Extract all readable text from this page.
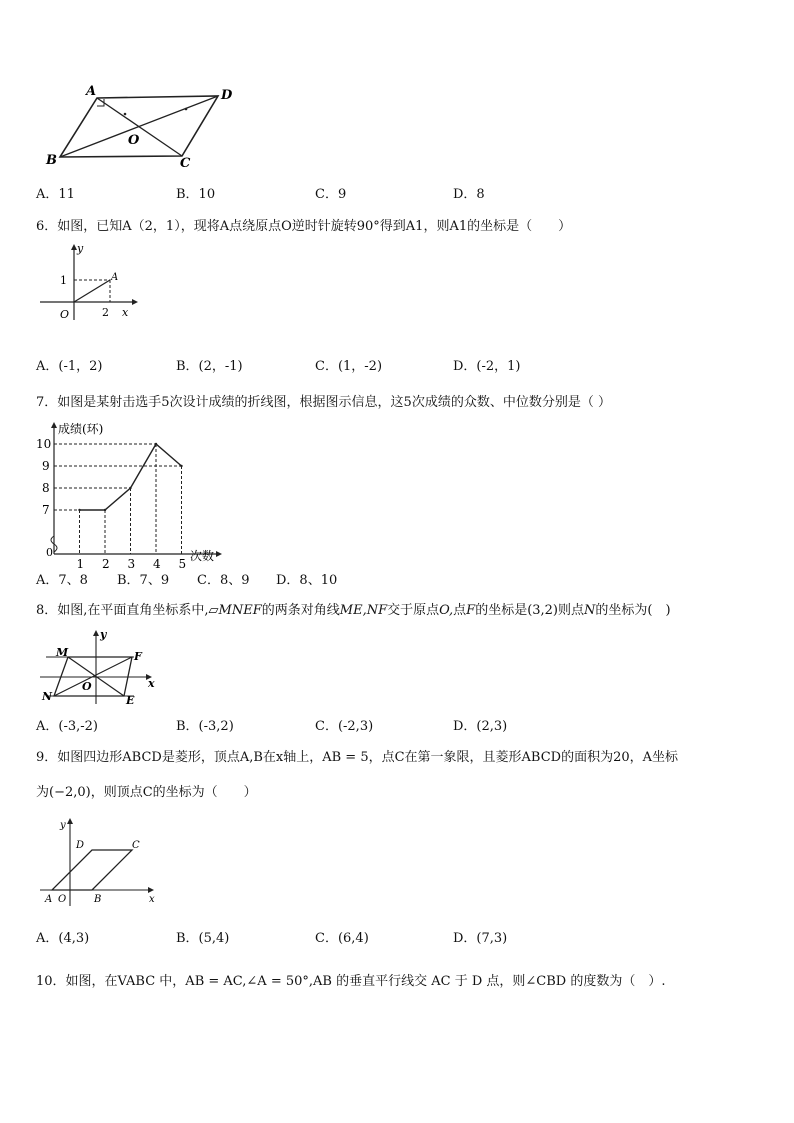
A	D
B	C
O
A．11	B．10	C．9	D．8
6．如图，已知A（2，1），现将A点绕原点O逆时针旋转90°得到A1，则A1的坐标是（　　）
y
x
O
A
1
2
A．(-1，2)	B．(2，-1)	C．(1，-2)	D．(-2，1)
7．如图是某射击选手5次设计成绩的折线图，根据图示信息，这5次成绩的众数、中位数分别是（ ）
成绩(环)
次数
0
10
9
8
7
1 2 3 4 5
A．7、8 B．7、9 C．8、9 D．8、10
8．如图,在平面直角坐标系中,▱MNEF的两条对角线ME,NF交于原点O,点F的坐标是(3,2)则点N的坐标为(　)
M	F
N	E
O	x
y
A．(-3,-2)	B．(-3,2)	C．(-2,3)	D．(2,3)
9．如图四边形ABCD是菱形，顶点A,B在x轴上，AB = 5，点C在第一象限，且菱形ABCD的面积为20，A坐标
为(−2,0)，则顶点C的坐标为（　　）
y
x
D	C
A O	B
A．(4,3)	B．(5,4)	C．(6,4)	D．(7,3)
10．如图，在VABC 中，AB = AC,∠A = 50°,AB 的垂直平行线交 AC 于 D 点，则∠CBD 的度数为（　）.
